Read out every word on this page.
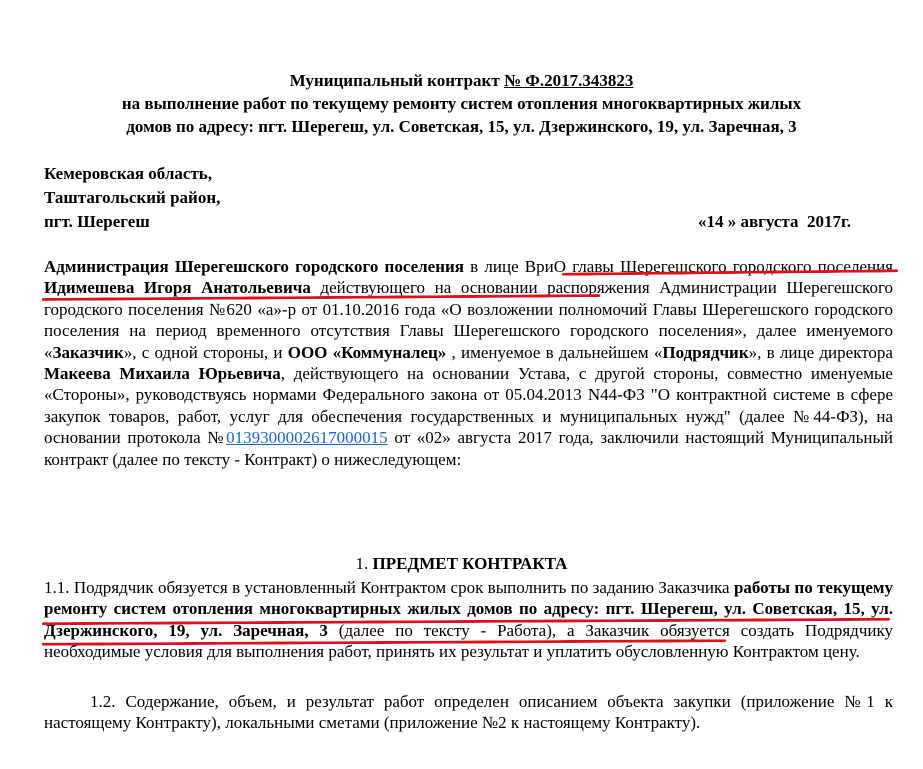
Муниципальный контракт № Ф.2017.343823
на выполнение работ по текущему ремонту систем отопления многоквартирных жилых
домов по адресу: пгт. Шерегеш, ул. Советская, 15, ул. Дзержинского, 19, ул. Заречная, 3
Кемеровская область,
Таштагольский район,
пгт. Шерегеш	«14 » августа  2017г.
Администрация Шерегешского городского поселения в лице ВриО главы Шерегешского городского поселения Идимешева Игоря Анатольевича действующего на основании распоряжения Администрации Шерегешского городского поселения №620 «а»-р от 01.10.2016 года «О возложении полномочий Главы Шерегешского городского поселения на период временного отсутствия Главы Шерегешского городского поселения», далее именуемого «Заказчик», с одной стороны, и ООО «Коммуналец» , именуемое в дальнейшем «Подрядчик», в лице директора Макеева Михаила Юрьевича, действующего на основании Устава, с другой стороны, совместно именуемые «Стороны», руководствуясь нормами Федерального закона от 05.04.2013 N44-ФЗ "О контрактной системе в сфере закупок товаров, работ, услуг для обеспечения государственных и муниципальных нужд" (далее №44-ФЗ), на основании протокола №0139300002617000015 от «02» августа 2017 года, заключили настоящий Муниципальный контракт (далее по тексту - Контракт) о нижеследующем:
1. ПРЕДМЕТ КОНТРАКТА
1.1. Подрядчик обязуется в установленный Контрактом срок выполнить по заданию Заказчика работы по текущему ремонту систем отопления многоквартирных жилых домов по адресу: пгт. Шерегеш, ул. Советская, 15, ул. Дзержинского, 19, ул. Заречная, 3 (далее по тексту - Работа), а Заказчик обязуется создать Подрядчику необходимые условия для выполнения работ, принять их результат и уплатить обусловленную Контрактом цену.
1.2. Содержание, объем, и результат работ определен описанием объекта закупки (приложение №1 к настоящему Контракту), локальными сметами (приложение №2 к настоящему Контракту).
